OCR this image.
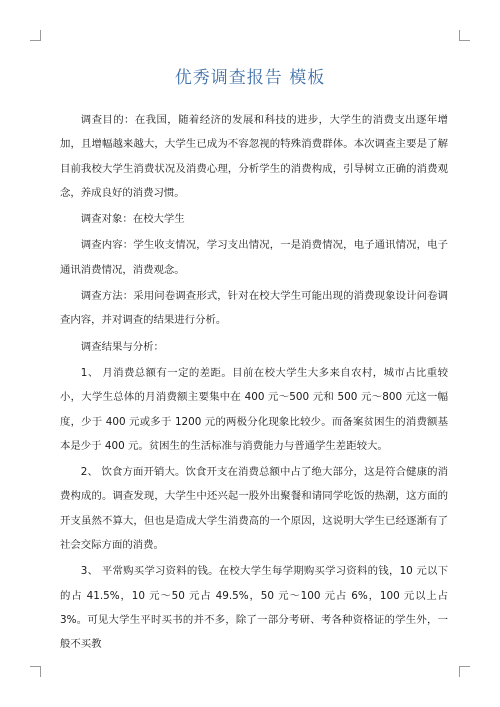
优秀调查报告 模板

调查目的：在我国，随着经济的发展和科技的进步，大学生的消费支出逐年增加，且增幅越来越大，大学生已成为不容忽视的特殊消费群体。本次调查主要是了解目前我校大学生消费状况及消费心理，分析学生的消费构成，引导树立正确的消费观念，养成良好的消费习惯。

调查对象：在校大学生

调查内容：学生收支情况，学习支出情况，一是消费情况，电子通讯情况，电子通讯消费情况，消费观念。

调查方法：采用问卷调查形式，针对在校大学生可能出现的消费现象设计问卷调查内容，并对调查的结果进行分析。

调查结果与分析：

1、 月消费总额有一定的差距。目前在校大学生大多来自农村，城市占比重较小，大学生总体的月消费额主要集中在 400 元～500 元和 500 元～800 元这一幅度，少于 400 元或多于 1200 元的两极分化现象比较少。而备案贫困生的消费额基本是少于 400 元。贫困生的生活标准与消费能力与普通学生差距较大。

2、 饮食方面开销大。饮食开支在消费总额中占了绝大部分，这是符合健康的消费构成的。调查发现，大学生中还兴起一股外出聚餐和请同学吃饭的热潮，这方面的开支虽然不算大，但也是造成大学生消费高的一个原因，这说明大学生已经逐渐有了社会交际方面的消费。

3、 平常购买学习资料的钱。在校大学生每学期购买学习资料的钱，10 元以下的占 41.5%，10 元～50 元占 49.5%，50 元～100 元占 6%，100 元以上占 3%。可见大学生平时买书的并不多，除了一部分考研、考各种资格证的学生外，一般不买教
